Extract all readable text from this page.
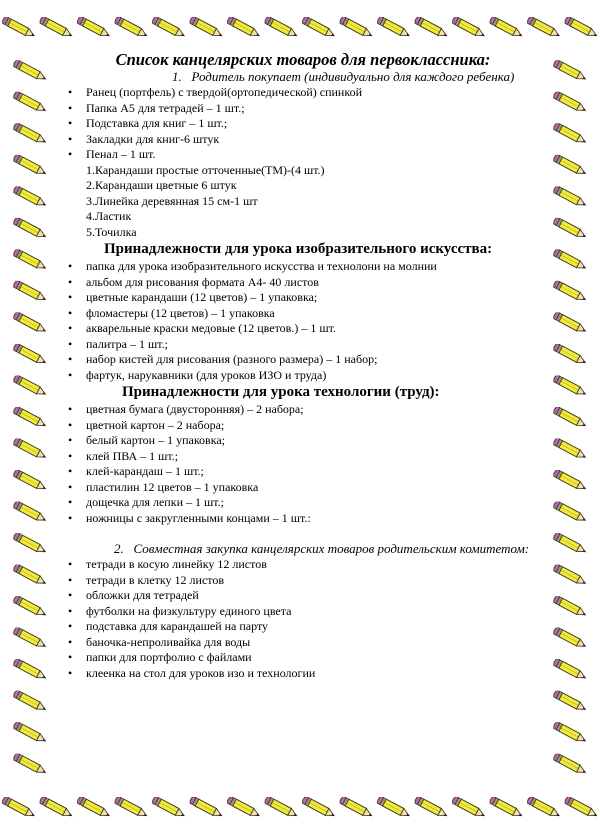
Список канцелярских товаров для первоклассника:
1.   Родитель покупает (индивидуально для каждого ребенка)
• Ранец (портфель) с твердой(ортопедической) спинкой
• Папка А5 для тетрадей – 1 шт.;
• Подставка для книг – 1 шт.;
• Закладки для книг-6 штук
• Пенал – 1 шт.
1.Карандаши простые отточенные(ТМ)-(4 шт.)
2.Карандаши цветные 6 штук
3.Линейка деревянная 15 см-1 шт
4.Ластик
5.Точилка
Принадлежности для урока изобразительного искусства:
• папка для урока изобразительного искусства и технолони на молнии
• альбом для рисования формата А4- 40 листов
• цветные карандаши (12 цветов) – 1 упаковка;
• фломастеры (12 цветов) – 1 упаковка
• акварельные краски медовые (12 цветов.) – 1 шт.
• палитра – 1 шт.;
• набор кистей для рисования (разного размера) – 1 набор;
• фартук, нарукавники (для уроков ИЗО и труда)
Принадлежности для урока технологии (труд):
• цветная бумага (двусторонняя) – 2 набора;
• цветной картон – 2 набора;
• белый картон – 1 упаковка;
• клей ПВА – 1 шт.;
• клей-карандаш – 1 шт.;
• пластилин 12 цветов – 1 упаковка
• дощечка для лепки – 1 шт.;
• ножницы с закругленными концами – 1 шт.:
2.   Совместная закупка канцелярских товаров родительским комитетом:
• тетради в косую линейку 12 листов
• тетради в клетку 12 листов
• обложки для тетрадей
• футболки на физкультуру единого цвета
• подставка для карандашей на парту
• баночка-непроливайка для воды
• папки для портфолио с файлами
• клеенка на стол для уроков изо и технологии
